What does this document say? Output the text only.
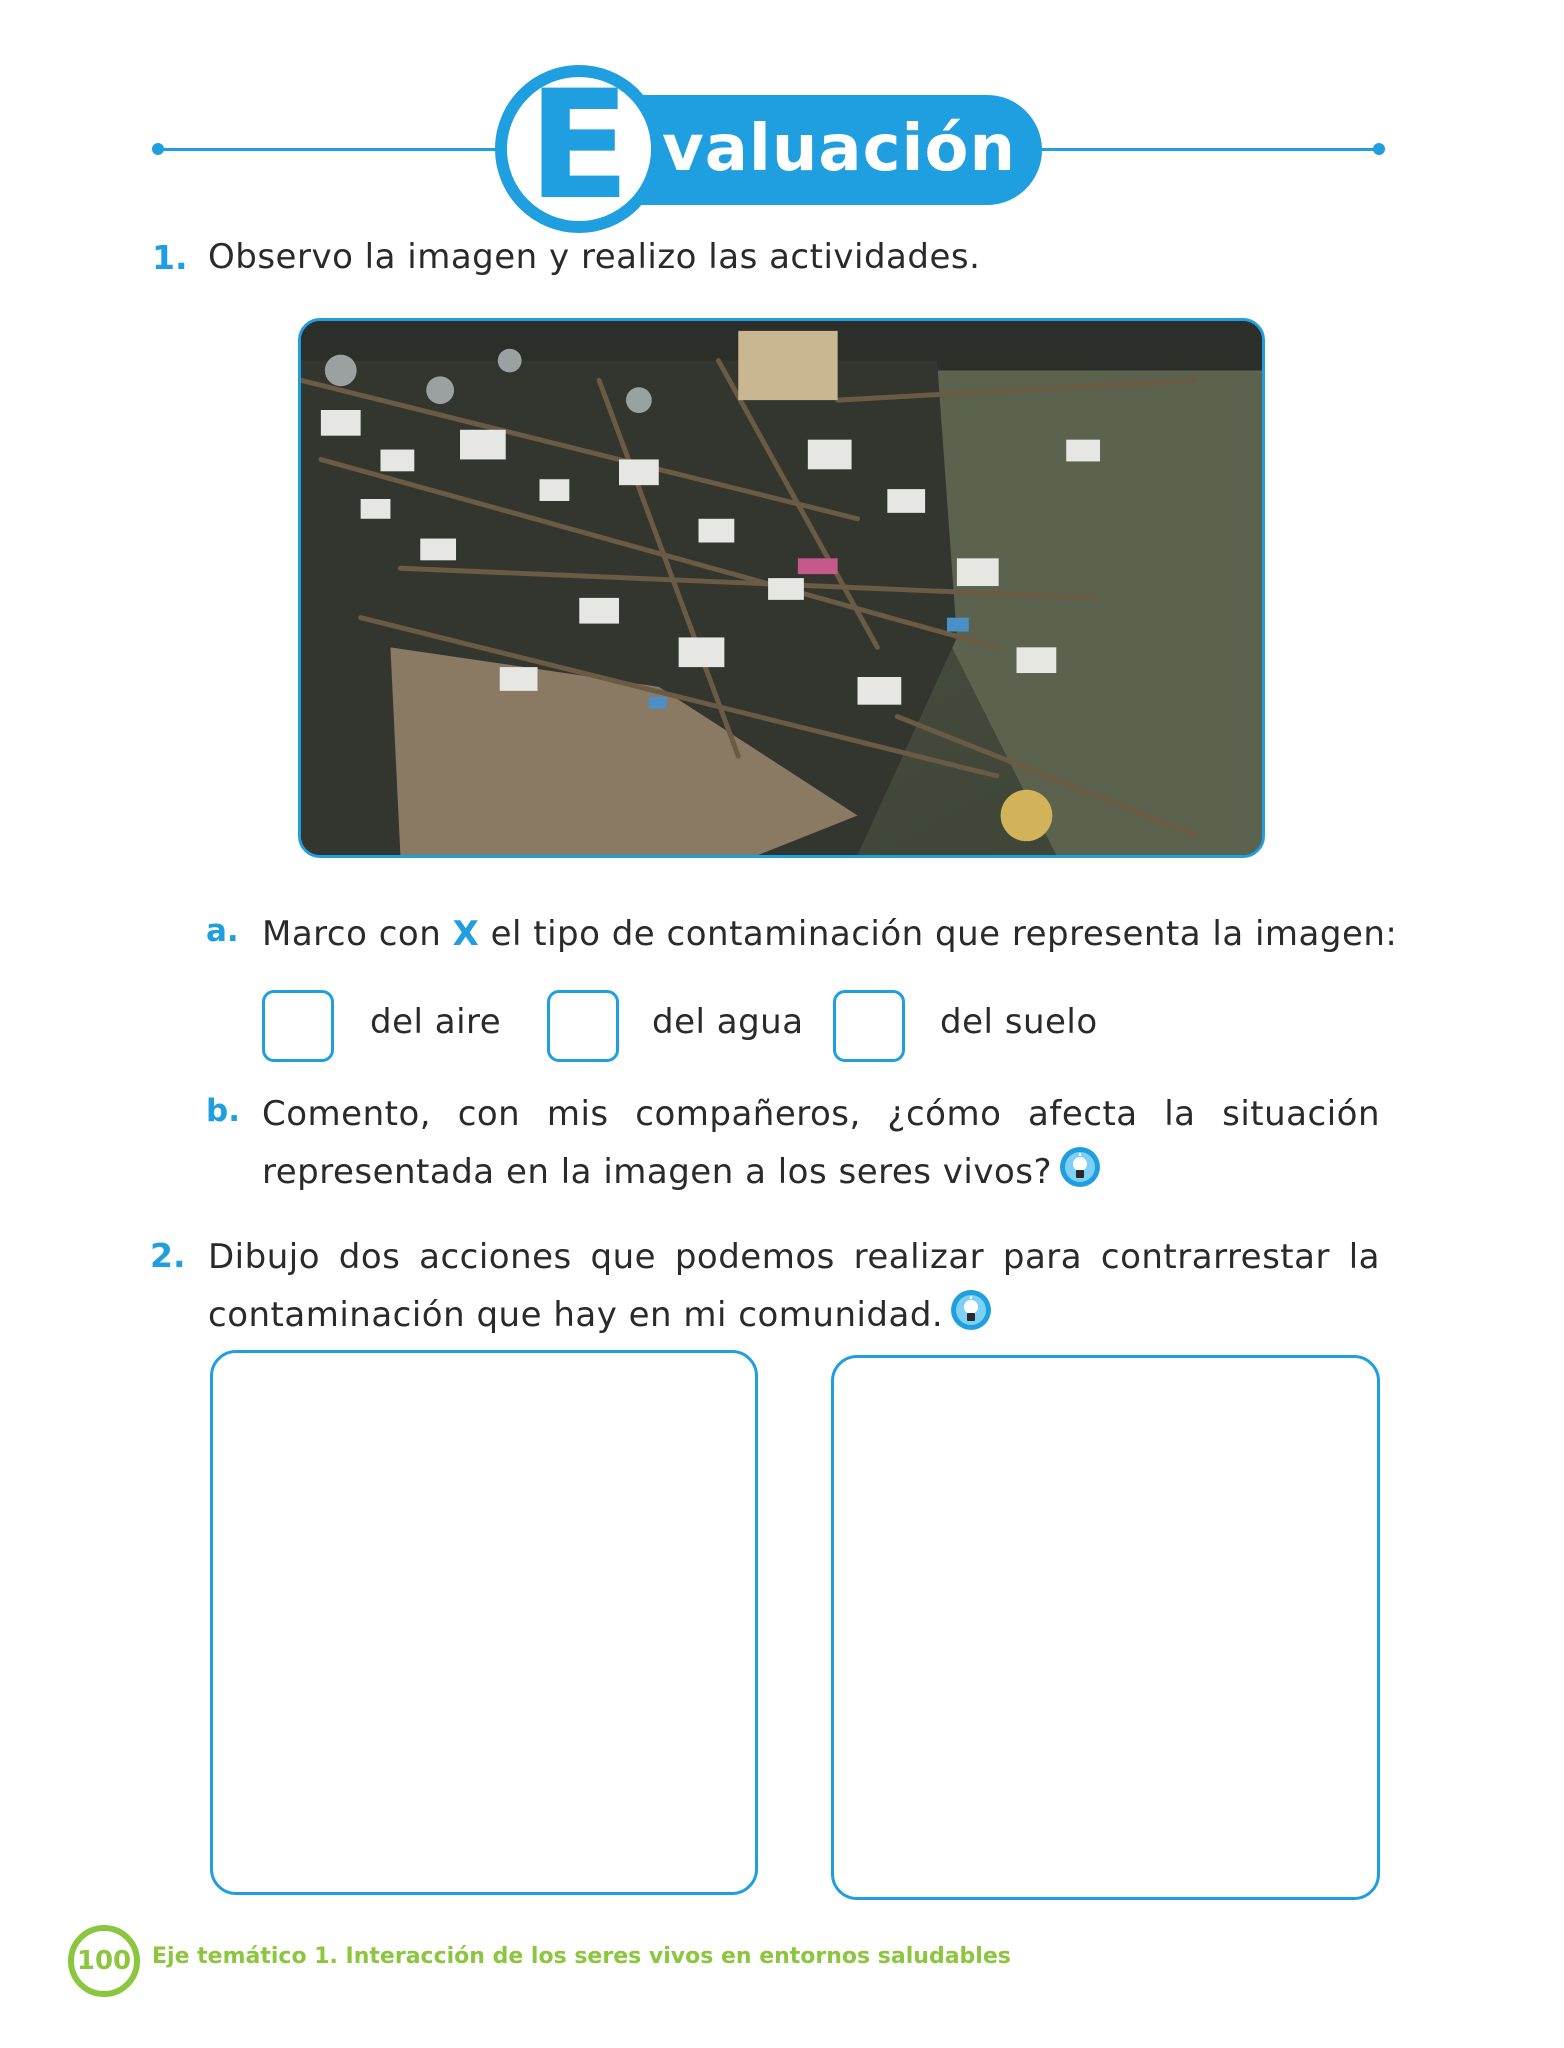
E valuación
1. Observo la imagen y realizo las actividades.
a. Marco con X el tipo de contaminación que representa la imagen:
del aire	del agua	del suelo
b. Comento, con mis compañeros, ¿cómo afecta la situación representada en la imagen a los seres vivos?
2. Dibujo dos acciones que podemos realizar para contrarrestar la contaminación que hay en mi comunidad.
100 Eje temático 1. Interacción de los seres vivos en entornos saludables
